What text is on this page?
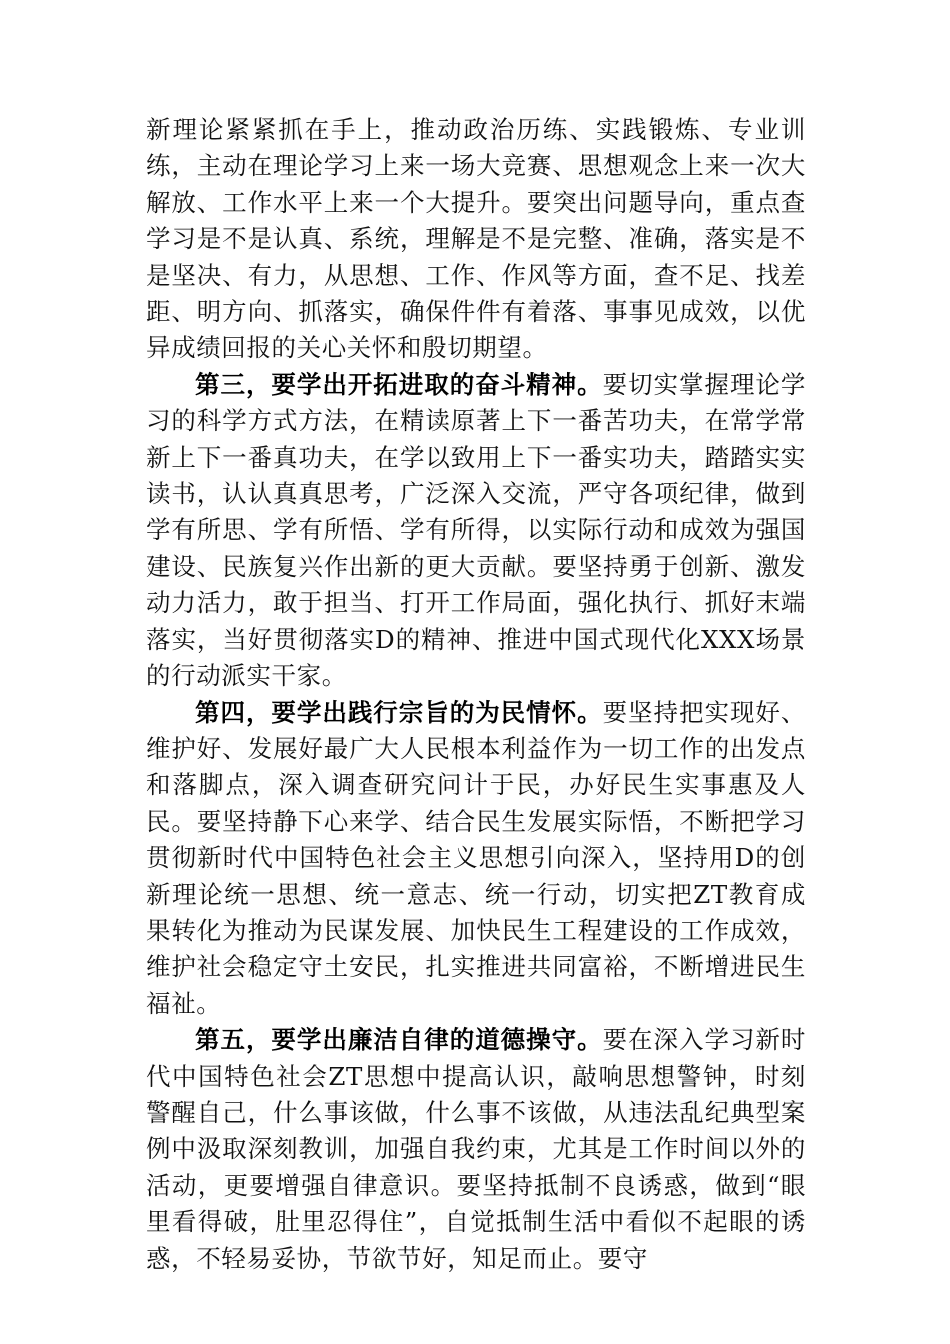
新理论紧紧抓在手上，推动政治历练、实践锻炼、专业训练，主动在理论学习上来一场大竞赛、思想观念上来一次大解放、工作水平上来一个大提升。要突出问题导向，重点查学习是不是认真、系统，理解是不是完整、准确，落实是不是坚决、有力，从思想、工作、作风等方面，查不足、找差距、明方向、抓落实，确保件件有着落、事事见成效，以优异成绩回报的关心关怀和殷切期望。

第三，要学出开拓进取的奋斗精神。要切实掌握理论学习的科学方式方法，在精读原著上下一番苦功夫，在常学常新上下一番真功夫，在学以致用上下一番实功夫，踏踏实实读书，认认真真思考，广泛深入交流，严守各项纪律，做到学有所思、学有所悟、学有所得，以实际行动和成效为强国建设、民族复兴作出新的更大贡献。要坚持勇于创新、激发动力活力，敢于担当、打开工作局面，强化执行、抓好末端落实，当好贯彻落实D的精神、推进中国式现代化XXX场景的行动派实干家。

第四，要学出践行宗旨的为民情怀。要坚持把实现好、维护好、发展好最广大人民根本利益作为一切工作的出发点和落脚点，深入调查研究问计于民，办好民生实事惠及人民。要坚持静下心来学、结合民生发展实际悟，不断把学习贯彻新时代中国特色社会主义思想引向深入，坚持用D的创新理论统一思想、统一意志、统一行动，切实把ZT教育成果转化为推动为民谋发展、加快民生工程建设的工作成效，维护社会稳定守土安民，扎实推进共同富裕，不断增进民生福祉。

第五，要学出廉洁自律的道德操守。要在深入学习新时代中国特色社会ZT思想中提高认识，敲响思想警钟，时刻警醒自己，什么事该做，什么事不该做，从违法乱纪典型案例中汲取深刻教训，加强自我约束，尤其是工作时间以外的活动，更要增强自律意识。要坚持抵制不良诱惑，做到“眼里看得破，肚里忍得住”，自觉抵制生活中看似不起眼的诱惑，不轻易妥协，节欲节好，知足而止。要守
